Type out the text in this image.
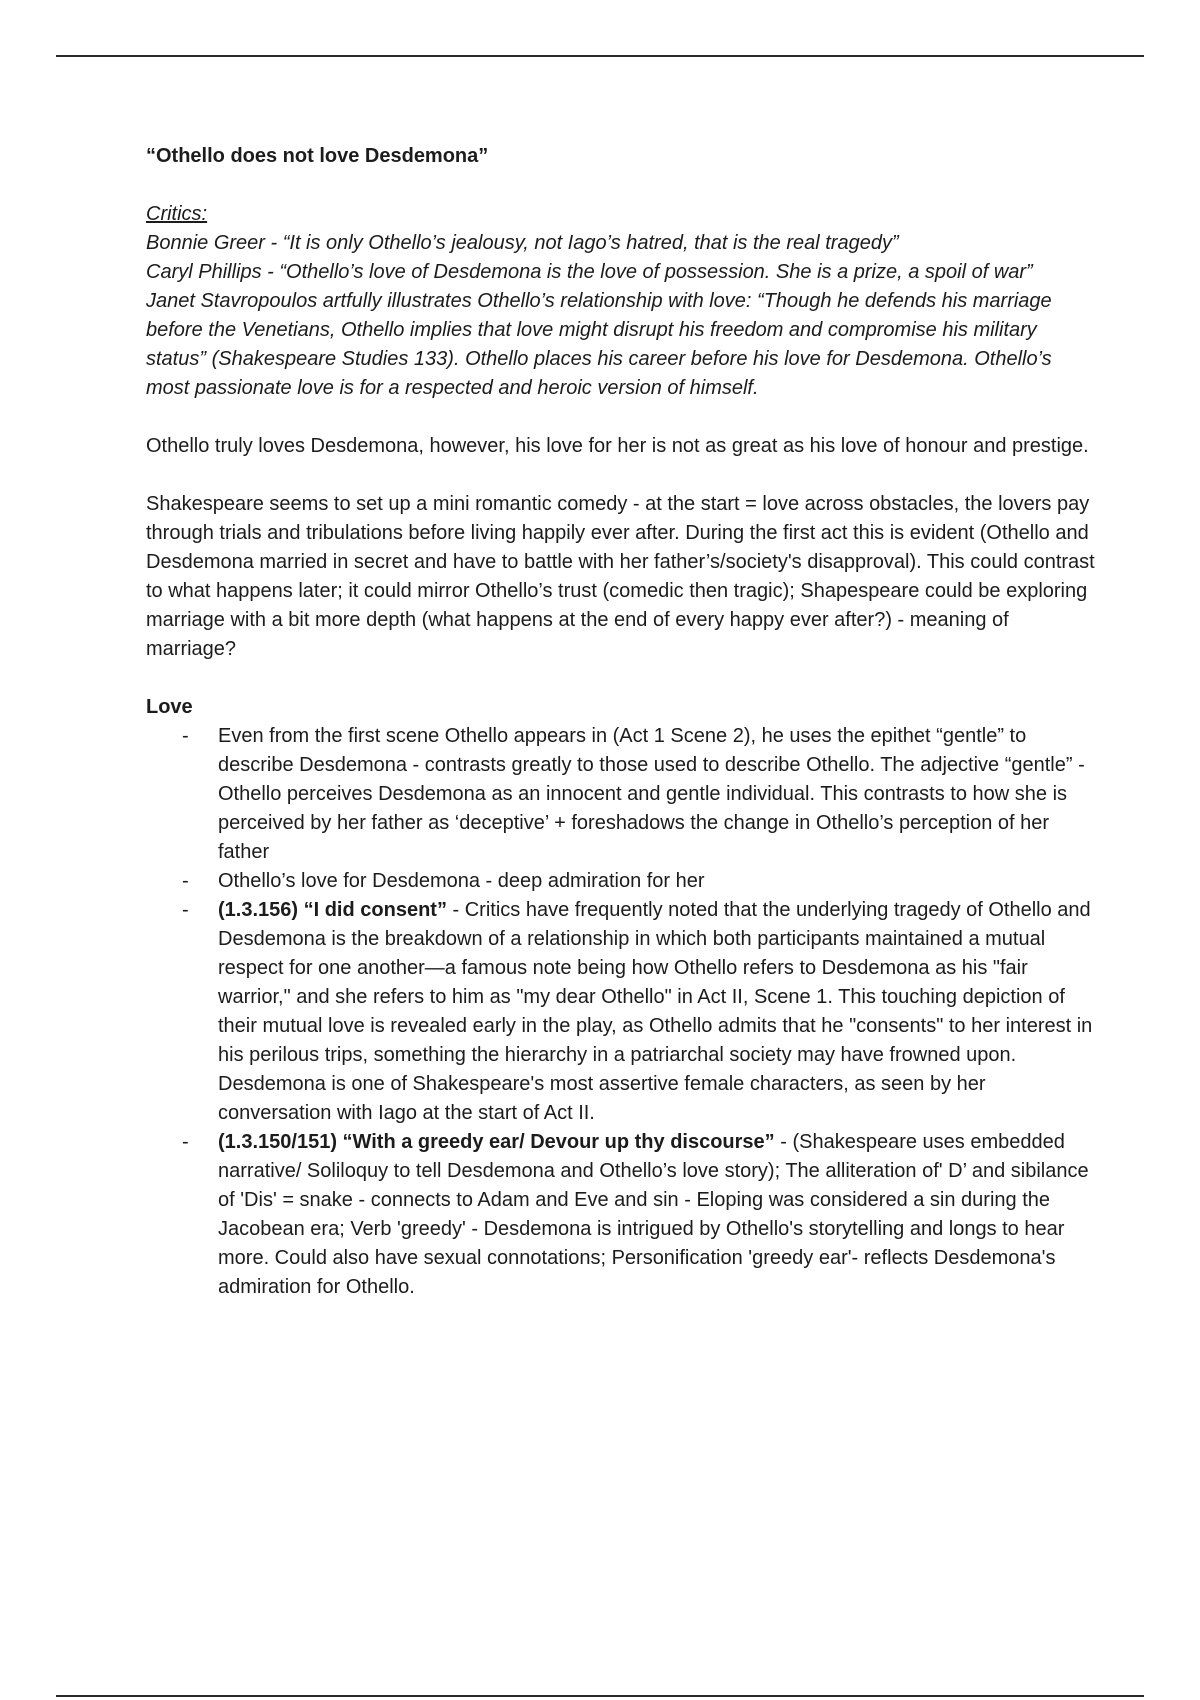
“Othello does not love Desdemona”

Critics:

Bonnie Greer - “It is only Othello’s jealousy, not Iago’s hatred, that is the real tragedy”

Caryl Phillips - “Othello’s love of Desdemona is the love of possession. She is a prize, a spoil of war”

Janet Stavropoulos artfully illustrates Othello’s relationship with love: “Though he defends his marriage before the Venetians, Othello implies that love might disrupt his freedom and compromise his military status” (Shakespeare Studies 133). Othello places his career before his love for Desdemona. Othello’s most passionate love is for a respected and heroic version of himself.

Othello truly loves Desdemona, however, his love for her is not as great as his love of honour and prestige.

Shakespeare seems to set up a mini romantic comedy - at the start = love across obstacles, the lovers pay through trials and tribulations before living happily ever after. During the first act this is evident (Othello and Desdemona married in secret and have to battle with her father’s/society's disapproval). This could contrast to what happens later; it could mirror Othello’s trust (comedic then tragic); Shapespeare could be exploring marriage with a bit more depth (what happens at the end of every happy ever after?) - meaning of marriage?

Love

- Even from the first scene Othello appears in (Act 1 Scene 2), he uses the epithet “gentle” to describe Desdemona - contrasts greatly to those used to describe Othello. The adjective “gentle” - Othello perceives Desdemona as an innocent and gentle individual. This contrasts to how she is perceived by her father as ‘deceptive’ + foreshadows the change in Othello’s perception of her father
- Othello’s love for Desdemona - deep admiration for her
- (1.3.156) “I did consent” - Critics have frequently noted that the underlying tragedy of Othello and Desdemona is the breakdown of a relationship in which both participants maintained a mutual respect for one another—a famous note being how Othello refers to Desdemona as his "fair warrior," and she refers to him as "my dear Othello" in Act II, Scene 1. This touching depiction of their mutual love is revealed early in the play, as Othello admits that he "consents" to her interest in his perilous trips, something the hierarchy in a patriarchal society may have frowned upon. Desdemona is one of Shakespeare's most assertive female characters, as seen by her conversation with Iago at the start of Act II.
- (1.3.150/151) “With a greedy ear/ Devour up thy discourse” - (Shakespeare uses embedded narrative/ Soliloquy to tell Desdemona and Othello’s love story); The alliteration of' D’ and sibilance of 'Dis' = snake - connects to Adam and Eve and sin - Eloping was considered a sin during the Jacobean era; Verb 'greedy' - Desdemona is intrigued by Othello's storytelling and longs to hear more. Could also have sexual connotations; Personification 'greedy ear'- reflects Desdemona's admiration for Othello.
